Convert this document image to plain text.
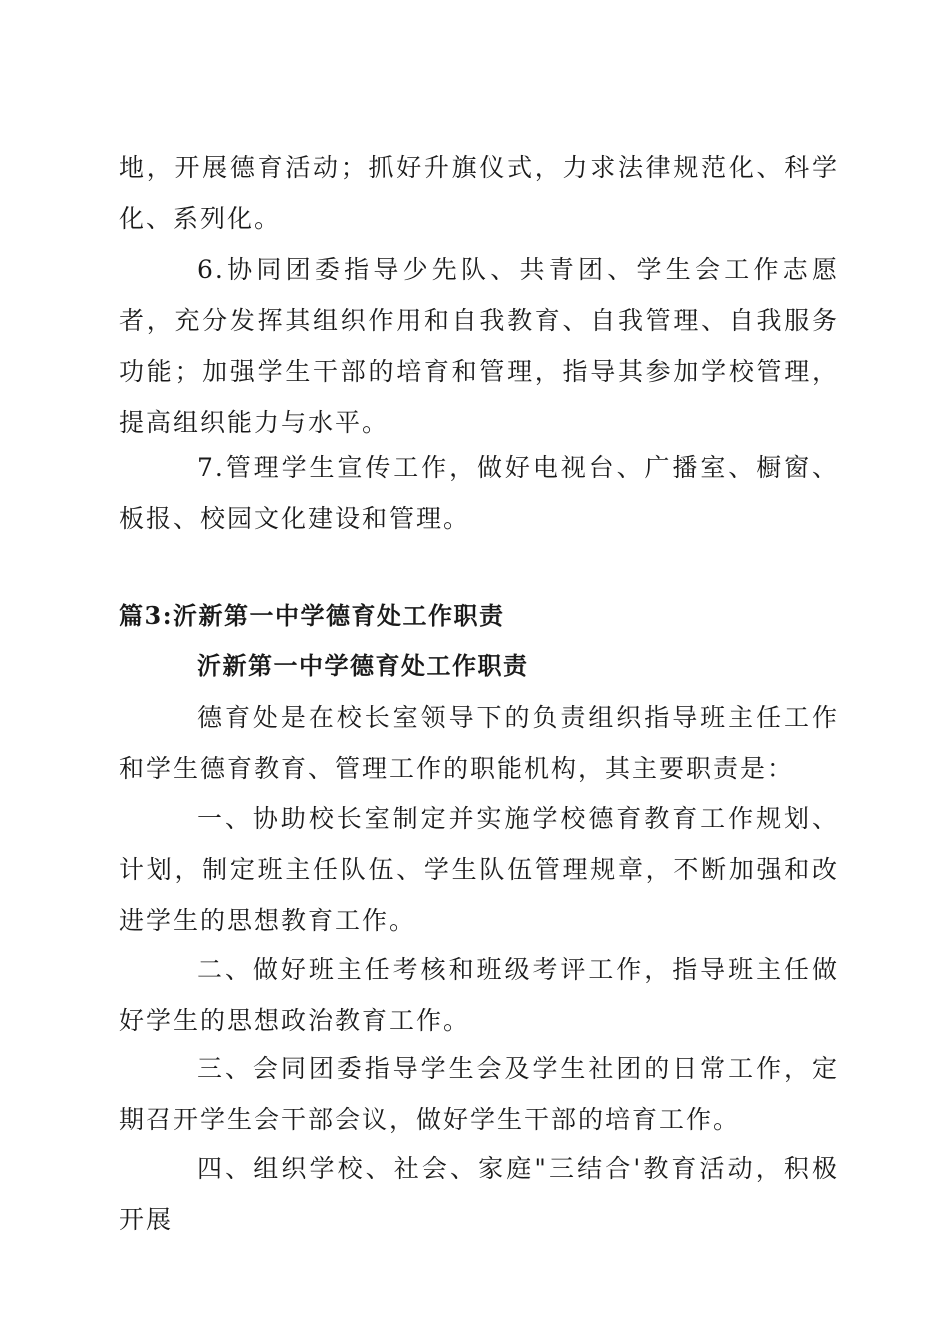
地，开展德育活动；抓好升旗仪式，力求法律规范化、科学化、系列化。

6.协同团委指导少先队、共青团、学生会工作志愿者，充分发挥其组织作用和自我教育、自我管理、自我服务功能；加强学生干部的培育和管理，指导其参加学校管理，提高组织能力与水平。

7.管理学生宣传工作，做好电视台、广播室、橱窗、板报、校园文化建设和管理。

篇3:沂新第一中学德育处工作职责
沂新第一中学德育处工作职责

德育处是在校长室领导下的负责组织指导班主任工作和学生德育教育、管理工作的职能机构，其主要职责是：

一、协助校长室制定并实施学校德育教育工作规划、计划，制定班主任队伍、学生队伍管理规章，不断加强和改进学生的思想教育工作。

二、做好班主任考核和班级考评工作，指导班主任做好学生的思想政治教育工作。

三、会同团委指导学生会及学生社团的日常工作，定期召开学生会干部会议，做好学生干部的培育工作。

四、组织学校、社会、家庭"三结合'教育活动，积极开展
